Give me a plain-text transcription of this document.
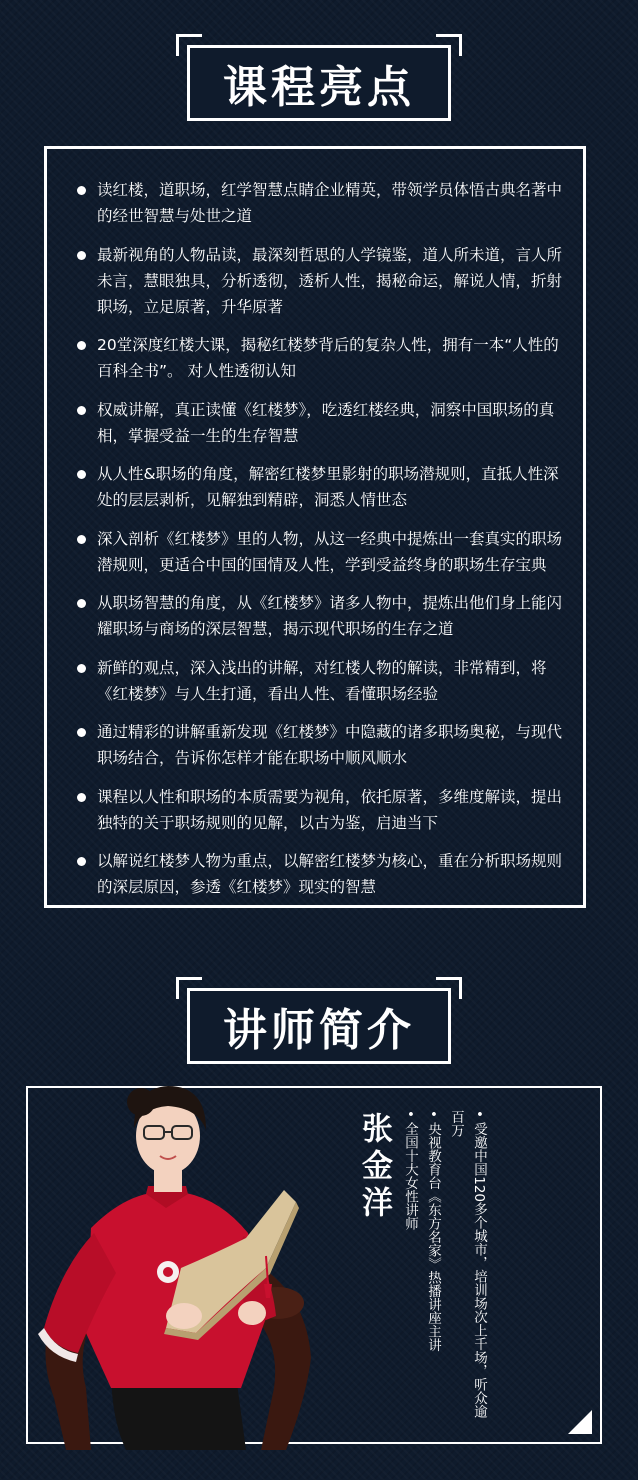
课程亮点
读红楼，道职场，红学智慧点睛企业精英，带领学员体悟古典名著中的经世智慧与处世之道
最新视角的人物品读，最深刻哲思的人学镜鉴，道人所未道，言人所未言，慧眼独具，分析透彻，透析人性，揭秘命运，解说人情，折射职场，立足原著，升华原著
20堂深度红楼大课，揭秘红楼梦背后的复杂人性，拥有一本“人性的百科全书”。 对人性透彻认知
权威讲解，真正读懂《红楼梦》，吃透红楼经典，洞察中国职场的真相，掌握受益一生的生存智慧
从人性&职场的角度，解密红楼梦里影射的职场潜规则，直抵人性深处的层层剥析，见解独到精辟，洞悉人情世态
深入剖析《红楼梦》里的人物，从这一经典中提炼出一套真实的职场潜规则，更适合中国的国情及人性，学到受益终身的职场生存宝典
从职场智慧的角度，从《红楼梦》诸多人物中，提炼出他们身上能闪耀职场与商场的深层智慧，揭示现代职场的生存之道
新鲜的观点，深入浅出的讲解，对红楼人物的解读，非常精到，将《红楼梦》与人生打通，看出人性、看懂职场经验
通过精彩的讲解重新发现《红楼梦》中隐藏的诸多职场奥秘，与现代职场结合，告诉你怎样才能在职场中顺风顺水
课程以人性和职场的本质需要为视角，依托原著，多维度解读，提出独特的关于职场规则的见解，以古为鉴，启迪当下
以解说红楼梦人物为重点，以解密红楼梦为核心，重在分析职场规则的深层原因，参透《红楼梦》现实的智慧
讲师简介
张金洋	• 受邀中国120多个城市，培训场次上千场，听众逾百万
• 央视教育台《东方名家》热播讲座主讲
• 全国十大女性讲师
